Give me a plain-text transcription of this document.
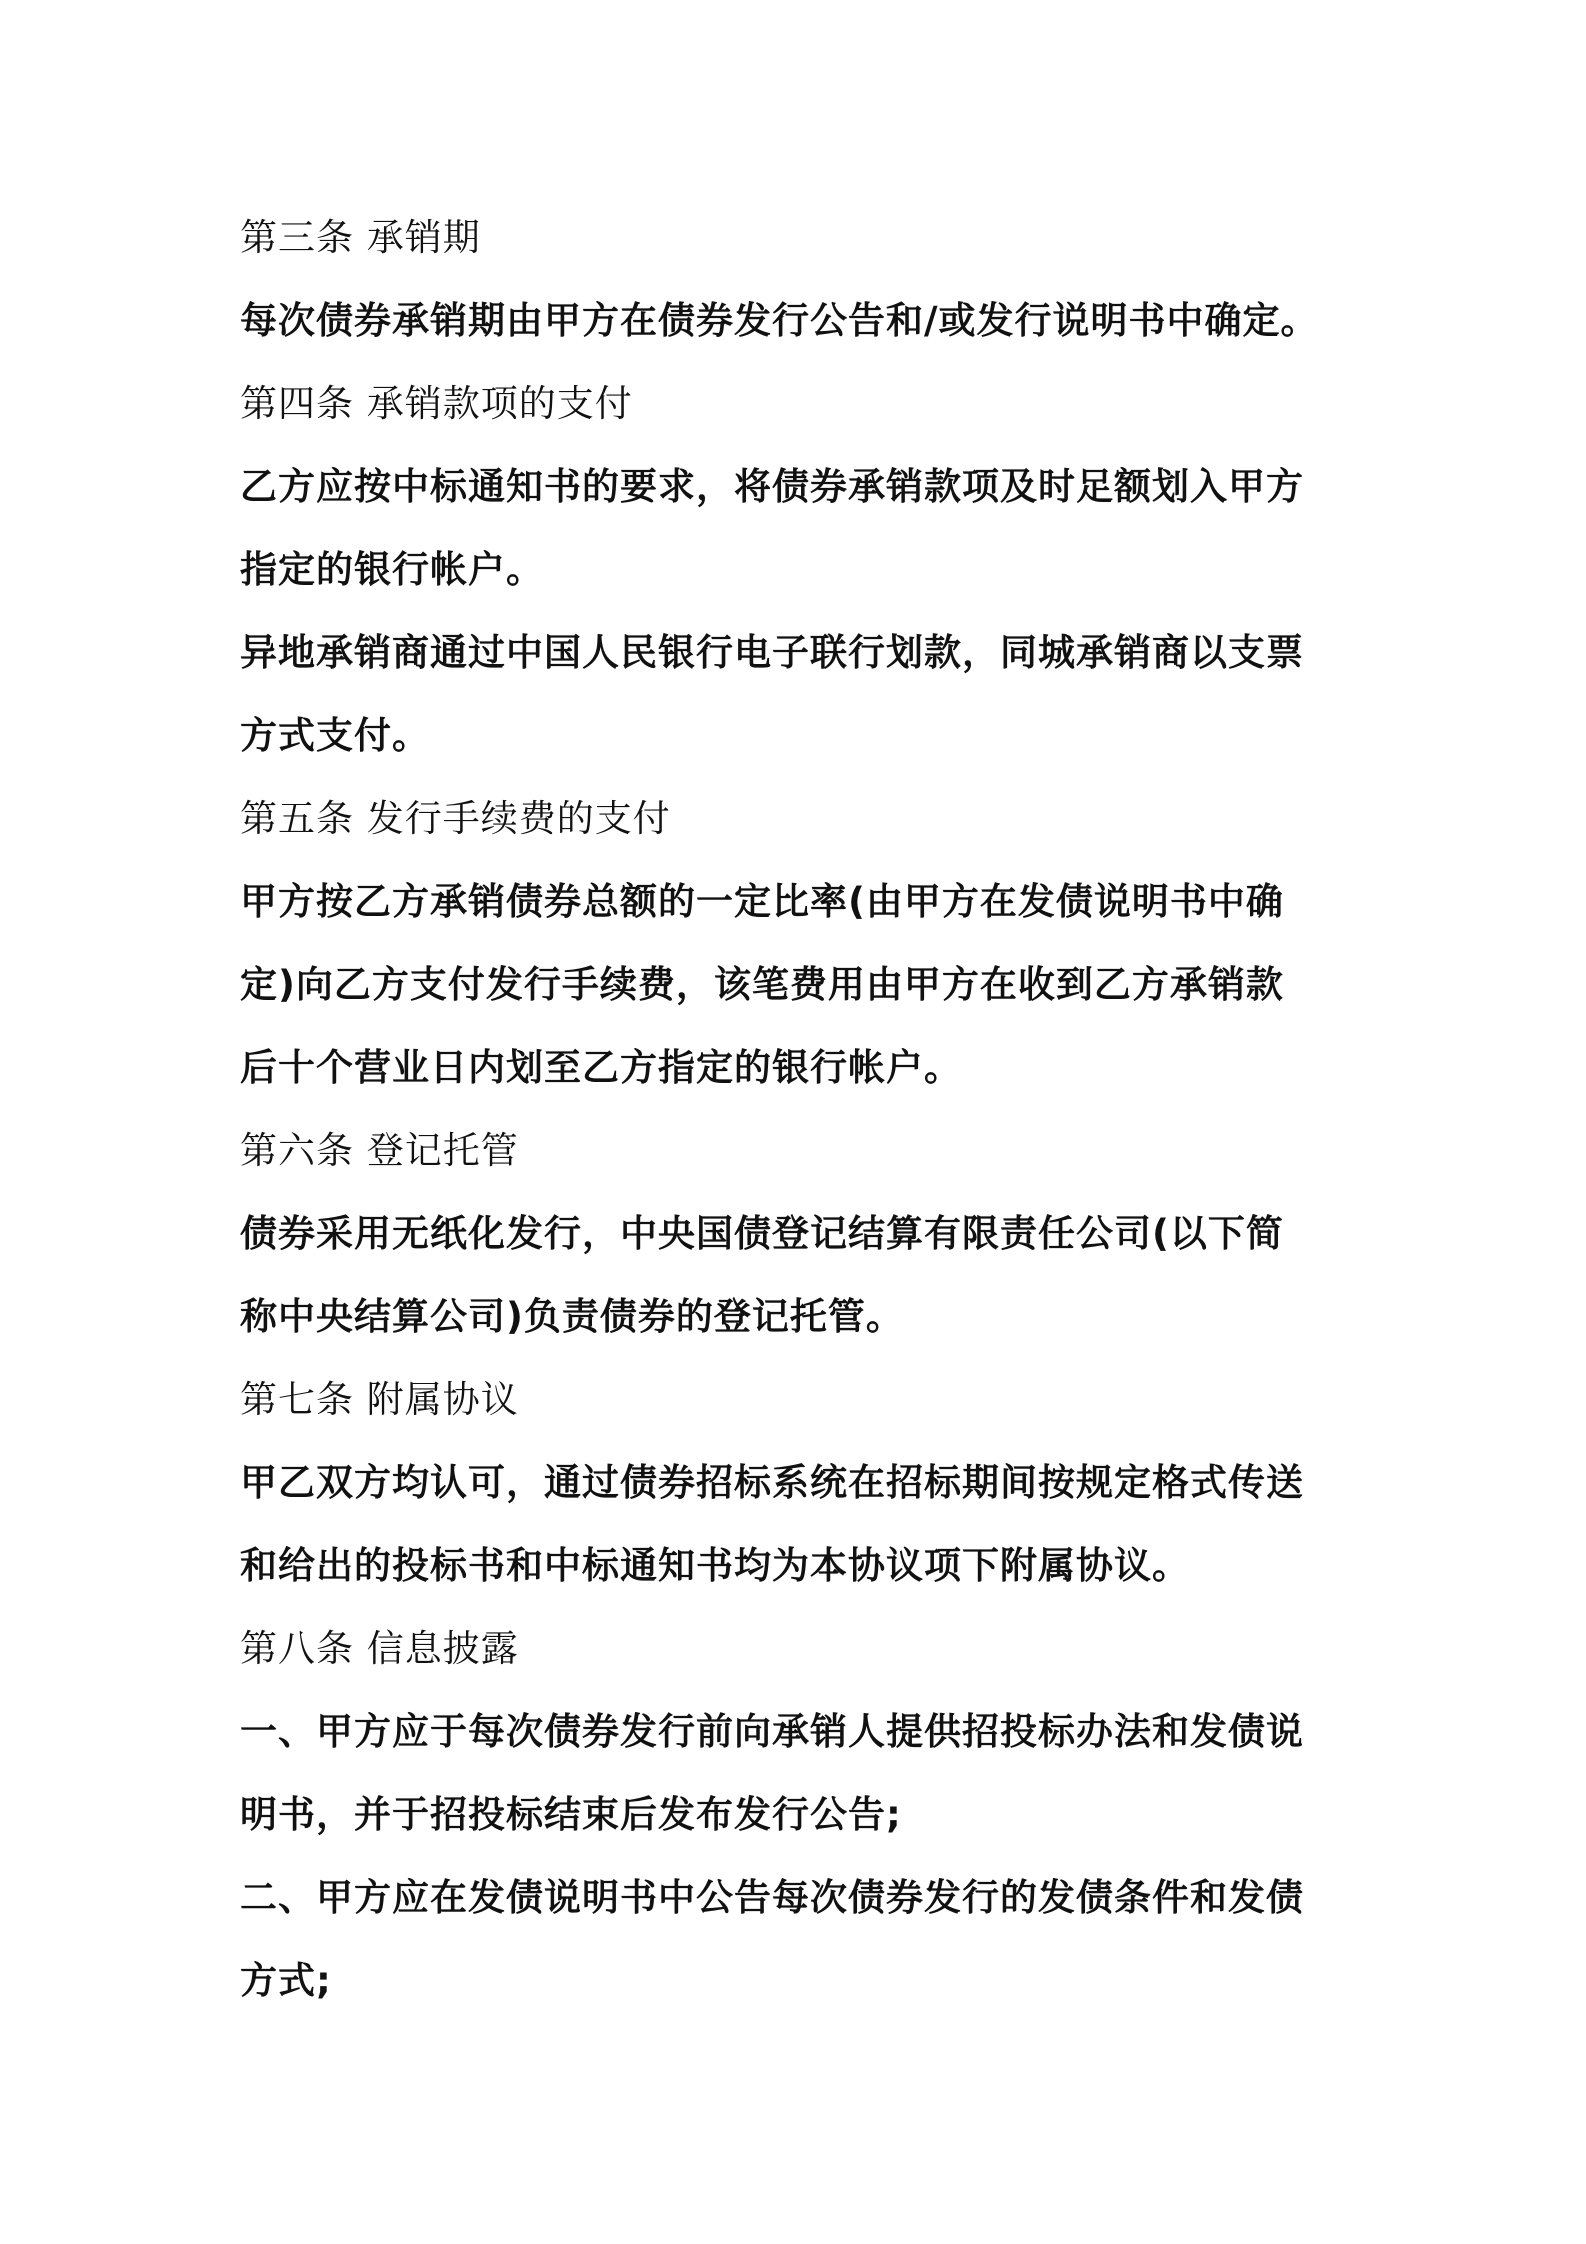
第三条 承销期
每次债券承销期由甲方在债券发行公告和/或发行说明书中确定。
第四条 承销款项的支付
乙方应按中标通知书的要求，将债券承销款项及时足额划入甲方
指定的银行帐户。
异地承销商通过中国人民银行电子联行划款，同城承销商以支票
方式支付。
第五条 发行手续费的支付
甲方按乙方承销债券总额的一定比率(由甲方在发债说明书中确
定)向乙方支付发行手续费，该笔费用由甲方在收到乙方承销款
后十个营业日内划至乙方指定的银行帐户。
第六条 登记托管
债券采用无纸化发行，中央国债登记结算有限责任公司(以下简
称中央结算公司)负责债券的登记托管。
第七条 附属协议
甲乙双方均认可，通过债券招标系统在招标期间按规定格式传送
和给出的投标书和中标通知书均为本协议项下附属协议。
第八条 信息披露
一、甲方应于每次债券发行前向承销人提供招投标办法和发债说
明书，并于招投标结束后发布发行公告;
二、甲方应在发债说明书中公告每次债券发行的发债条件和发债
方式;
